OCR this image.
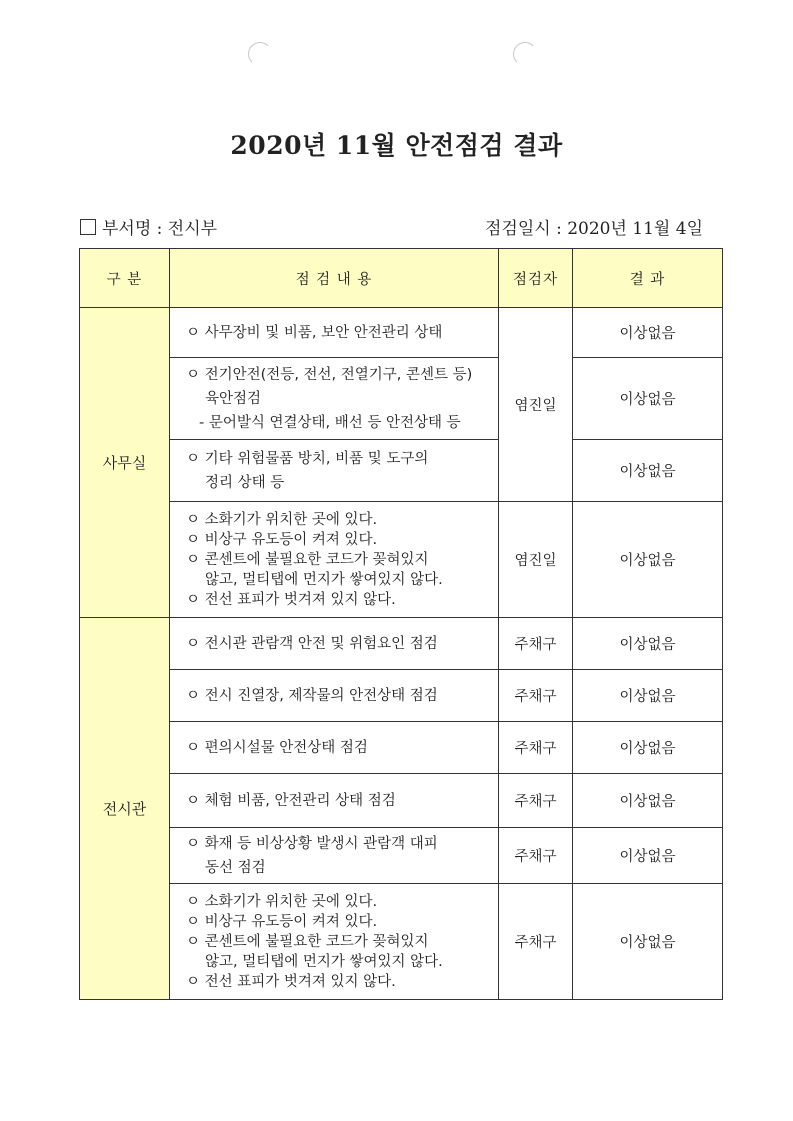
2020년 11월 안전점검 결과
부서명 : 전시부	점검일시 : 2020년 11월 4일
구 분	점 검 내 용	점검자	결 과
사무실	ㅇ 사무장비 및 비품, 보안 안전관리 상태	염진일	이상없음

	ㅇ 전기안전(전등, 전선, 전열기구, 콘센트 등)
육안점검
- 문어발식 연결상태, 배선 등 안전상태 등		이상없음

	ㅇ 기타 위험물품 방치, 비품 및 도구의
정리 상태 등		이상없음

	ㅇ 소화기가 위치한 곳에 있다.
ㅇ 비상구 유도등이 켜져 있다.
ㅇ 콘센트에 불필요한 코드가 꽂혀있지
않고, 멀티탭에 먼지가 쌓여있지 않다.
ㅇ 전선 표피가 벗겨져 있지 않다.	염진일	이상없음
전시관	ㅇ 전시관 관람객 안전 및 위험요인 점검	주채구	이상없음

	ㅇ 전시 진열장, 제작물의 안전상태 점검	주채구	이상없음

	ㅇ 편의시설물 안전상태 점검	주채구	이상없음

	ㅇ 체험 비품, 안전관리 상태 점검	주채구	이상없음

	ㅇ 화재 등 비상상황 발생시 관람객 대피
동선 점검	주채구	이상없음

	ㅇ 소화기가 위치한 곳에 있다.
ㅇ 비상구 유도등이 켜져 있다.
ㅇ 콘센트에 불필요한 코드가 꽂혀있지
않고, 멀티탭에 먼지가 쌓여있지 않다.
ㅇ 전선 표피가 벗겨져 있지 않다.	주채구	이상없음
